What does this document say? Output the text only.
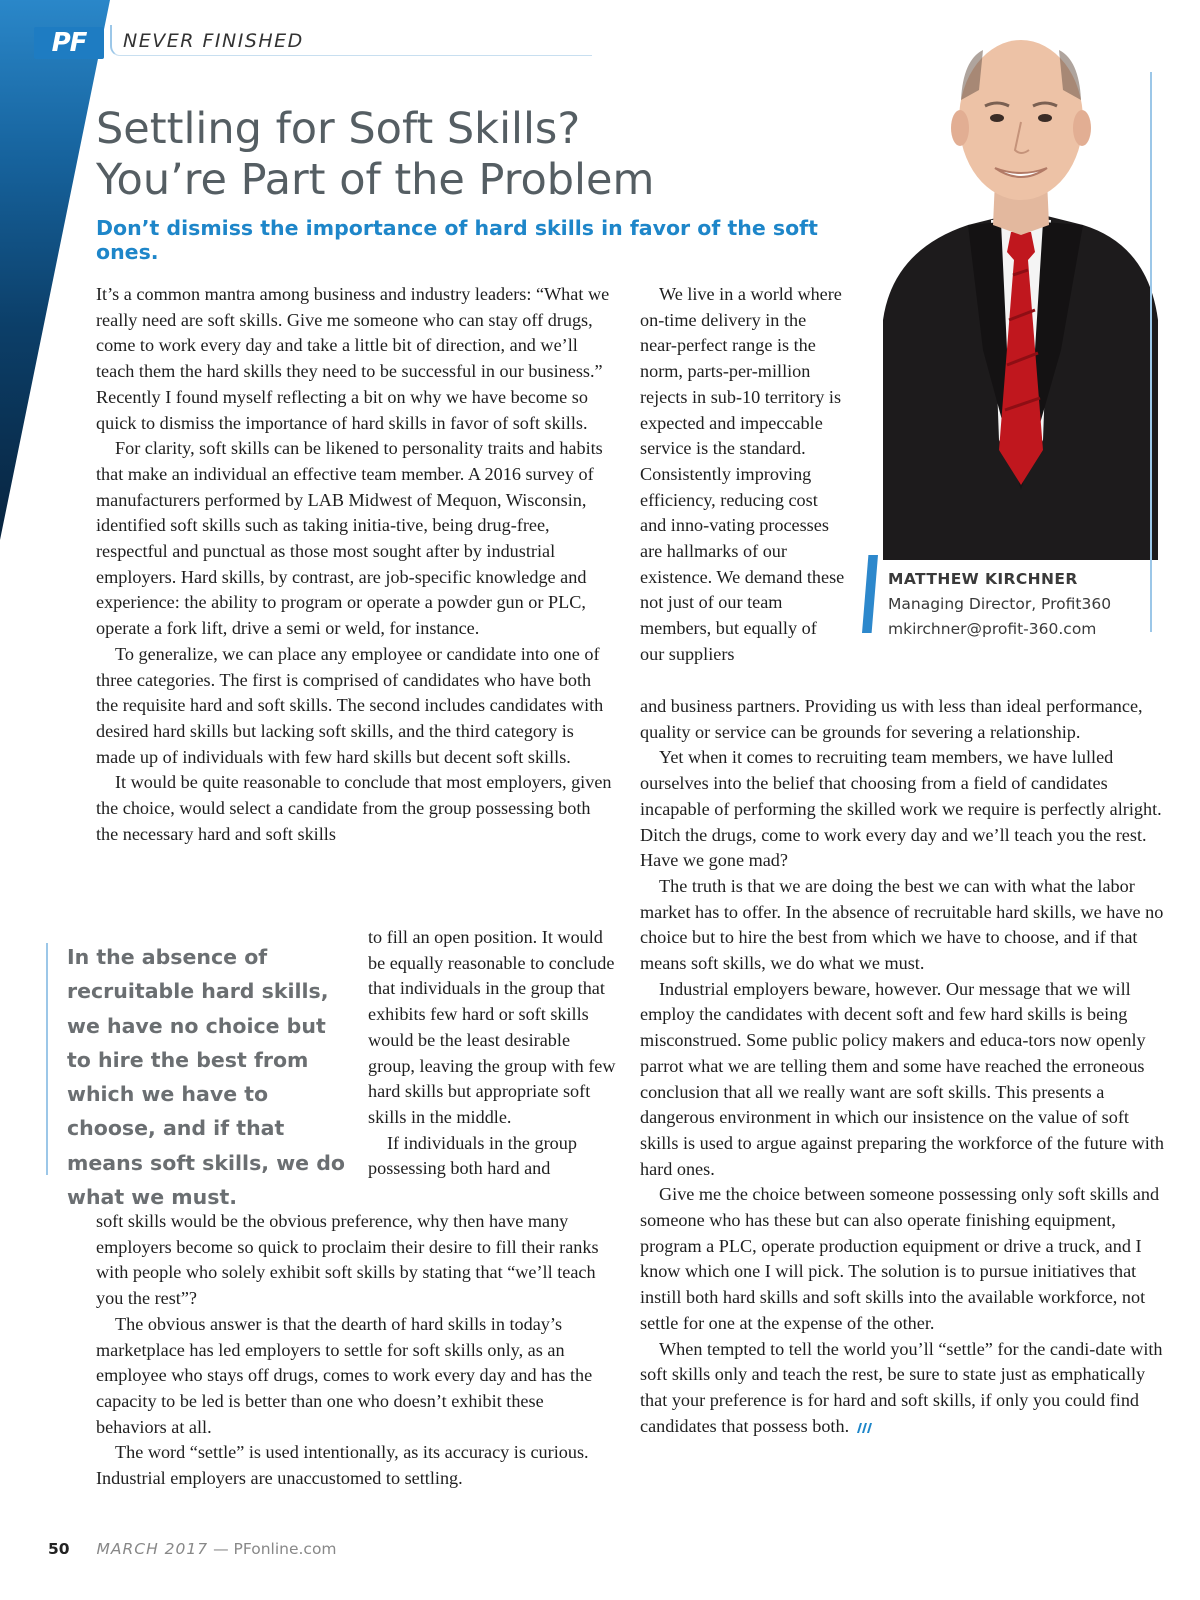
PF	NEVER FINISHED
Settling for Soft Skills?
You’re Part of the Problem
Don’t dismiss the importance of hard skills in favor of the soft ones.
MATTHEW KIRCHNER
Managing Director, Profit360
mkirchner@profit-360.com

It’s a common mantra among business and industry leaders: “What we really need are soft skills. Give me someone who can stay off drugs, come to work every day and take a little bit of direction, and we’ll teach them the hard skills they need to be successful in our business.” Recently I found myself reflecting a bit on why we have become so quick to dismiss the importance of hard skills in favor of soft skills.

For clarity, soft skills can be likened to personality traits and habits that make an individual an effective team member. A 2016 survey of manufacturers performed by LAB Midwest of Mequon, Wisconsin, identified soft skills such as taking initia-tive, being drug-free, respectful and punctual as those most sought after by industrial employers. Hard skills, by contrast, are job-specific knowledge and experience: the ability to program or operate a powder gun or PLC, operate a fork lift, drive a semi or weld, for instance.

To generalize, we can place any employee or candidate into one of three categories. The first is comprised of candidates who have both the requisite hard and soft skills. The second includes candidates with desired hard skills but lacking soft skills, and the third category is made up of individuals with few hard skills but decent soft skills.

It would be quite reasonable to conclude that most employers, given the choice, would select a candidate from the group possessing both the necessary hard and soft skills

In the absence of recruitable hard skills, we have no choice but to hire the best from which we have to choose, and if that means soft skills, we do what we must.

to fill an open position. It would be equally reasonable to conclude that individuals in the group that exhibits few hard or soft skills would be the least desirable group, leaving the group with few hard skills but appropriate soft skills in the middle.

If individuals in the group possessing both hard and

soft skills would be the obvious preference, why then have many employers become so quick to proclaim their desire to fill their ranks with people who solely exhibit soft skills by stating that “we’ll teach you the rest”?

The obvious answer is that the dearth of hard skills in today’s marketplace has led employers to settle for soft skills only, as an employee who stays off drugs, comes to work every day and has the capacity to be led is better than one who doesn’t exhibit these behaviors at all.

The word “settle” is used intentionally, as its accuracy is curious. Industrial employers are unaccustomed to settling.

We live in a world where on-time delivery in the near-perfect range is the norm, parts-per-million rejects in sub-10 territory is expected and impeccable service is the standard. Consistently improving efficiency, reducing cost and inno-vating processes are hallmarks of our existence. We demand these not just of our team members, but equally of our suppliers

and business partners. Providing us with less than ideal performance, quality or service can be grounds for severing a relationship.

Yet when it comes to recruiting team members, we have lulled ourselves into the belief that choosing from a field of candidates incapable of performing the skilled work we require is perfectly alright. Ditch the drugs, come to work every day and we’ll teach you the rest. Have we gone mad?

The truth is that we are doing the best we can with what the labor market has to offer. In the absence of recruitable hard skills, we have no choice but to hire the best from which we have to choose, and if that means soft skills, we do what we must.

Industrial employers beware, however. Our message that we will employ the candidates with decent soft and few hard skills is being misconstrued. Some public policy makers and educa-tors now openly parrot what we are telling them and some have reached the erroneous conclusion that all we really want are soft skills. This presents a dangerous environment in which our insistence on the value of soft skills is used to argue against preparing the workforce of the future with hard ones.

Give me the choice between someone possessing only soft skills and someone who has these but can also operate finishing equipment, program a PLC, operate production equipment or drive a truck, and I know which one I will pick. The solution is to pursue initiatives that instill both hard skills and soft skills into the available workforce, not settle for one at the expense of the other.

When tempted to tell the world you’ll “settle” for the candi-date with soft skills only and teach the rest, be sure to state just as emphatically that your preference is for hard and soft skills, if only you could find candidates that possess both.

50 MARCH 2017 — PFonline.com
